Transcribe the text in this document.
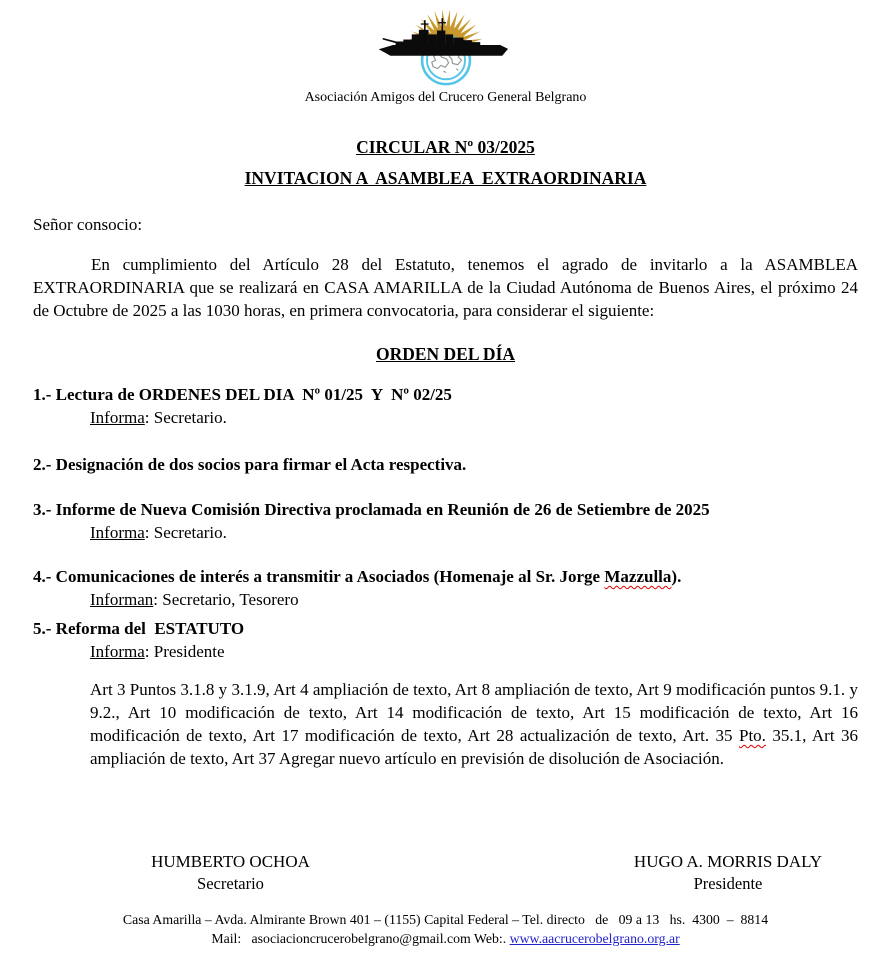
Asociación Amigos del Crucero General Belgrano
CIRCULAR Nº 03/2025
INVITACION A  ASAMBLEA  EXTRAORDINARIA
Señor consocio:
En cumplimiento del Artículo 28 del Estatuto, tenemos el agrado de invitarlo a la ASAMBLEA EXTRAORDINARIA que se realizará en CASA AMARILLA de la Ciudad Autónoma de Buenos Aires, el próximo 24 de Octubre de 2025 a las 1030 horas, en primera convocatoria, para considerar el siguiente:
ORDEN DEL DÍA
1.- Lectura de ORDENES DEL DIA  Nº 01/25  Y  Nº 02/25
Informa: Secretario.
2.- Designación de dos socios para firmar el Acta respectiva.
3.- Informe de Nueva Comisión Directiva proclamada en Reunión de 26 de Setiembre de 2025
Informa: Secretario.
4.- Comunicaciones de interés a transmitir a Asociados (Homenaje al Sr. Jorge Mazzulla).
Informan: Secretario, Tesorero
5.- Reforma del  ESTATUTO
Informa: Presidente
Art 3 Puntos 3.1.8 y 3.1.9, Art 4 ampliación de texto, Art 8 ampliación de texto, Art 9 modificación puntos 9.1. y 9.2., Art 10 modificación de texto, Art 14 modificación de texto, Art 15 modificación de texto, Art 16 modificación de texto, Art 17 modificación de texto, Art 28 actualización de texto, Art. 35 Pto. 35.1, Art 36 ampliación de texto, Art 37 Agregar nuevo artículo en previsión de disolución de Asociación.
HUMBERTO OCHOA
Secretario
HUGO A. MORRIS DALY
Presidente
Casa Amarilla – Avda. Almirante Brown 401 – (1155) Capital Federal – Tel. directo   de   09 a 13   hs.  4300  –  8814
Mail:   asociacioncrucerobelgrano@gmail.com Web:. www.aacrucerobelgrano.org.ar
